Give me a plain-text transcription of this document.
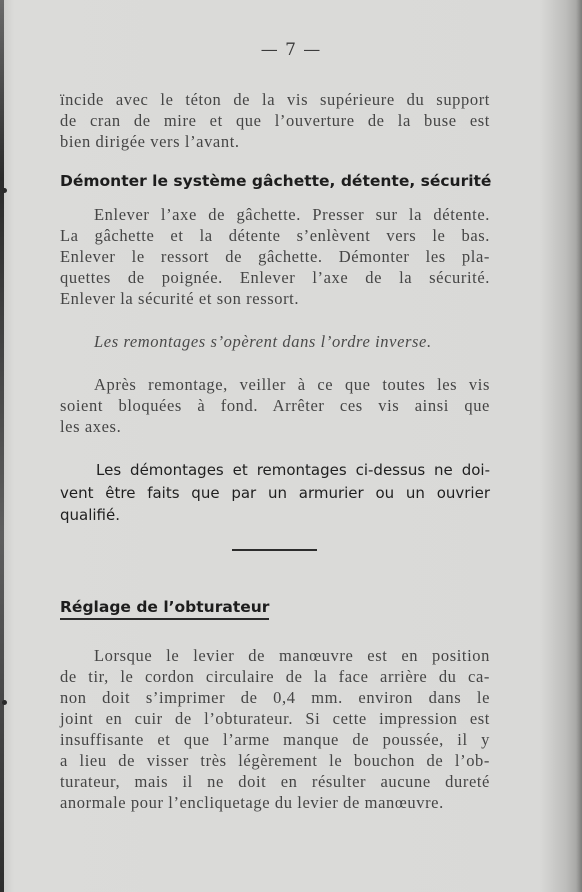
— 7 —

ïncide avec le téton de la vis supérieure du support
de cran de mire et que l’ouverture de la buse est
bien dirigée vers l’avant.

Démonter le système gâchette, détente, sécurité

Enlever l’axe de gâchette. Presser sur la détente.
La gâchette et la détente s’enlèvent vers le bas.
Enlever le ressort de gâchette. Démonter les pla-
quettes de poignée. Enlever l’axe de la sécurité.
Enlever la sécurité et son ressort.

Les remontages s’opèrent dans l’ordre inverse.

Après remontage, veiller à ce que toutes les vis
soient bloquées à fond. Arrêter ces vis ainsi que
les axes.

Les démontages et remontages ci-dessus ne doi-
vent être faits que par un armurier ou un ouvrier
qualifié.

Réglage de l’obturateur

Lorsque le levier de manœuvre est en position
de tir, le cordon circulaire de la face arrière du ca-
non doit s’imprimer de 0,4 mm. environ dans le
joint en cuir de l’obturateur. Si cette impression est
insuffisante et que l’arme manque de poussée, il y
a lieu de visser très légèrement le bouchon de l’ob-
turateur, mais il ne doit en résulter aucune dureté
anormale pour l’encliquetage du levier de manœuvre.
